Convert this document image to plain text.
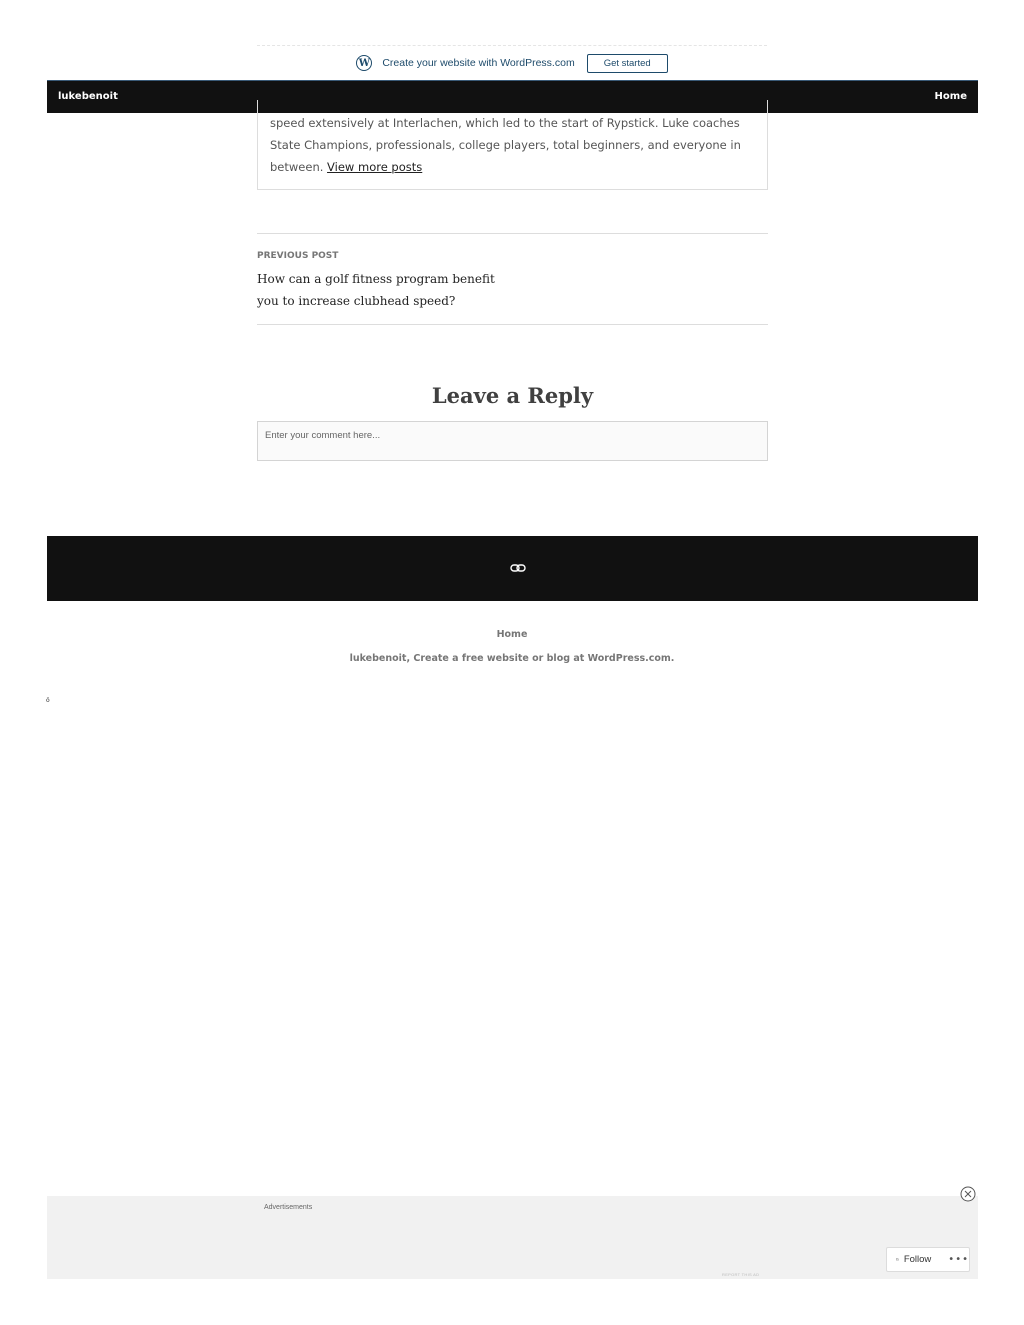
W Create your website with WordPress.com	Get started
lukebenoit	Home
speed extensively at Interlachen, which led to the start of Rypstick. Luke coaches State Champions, professionals, college players, total beginners, and everyone in between. View more posts
PREVIOUS POST
How can a golf fitness program benefit you to increase clubhead speed?
Leave a Reply
Enter your comment here...
Home
lukebenoit, Create a free website or blog at WordPress.com.
ö
Advertisements
REPORT THIS AD
Follow •••
